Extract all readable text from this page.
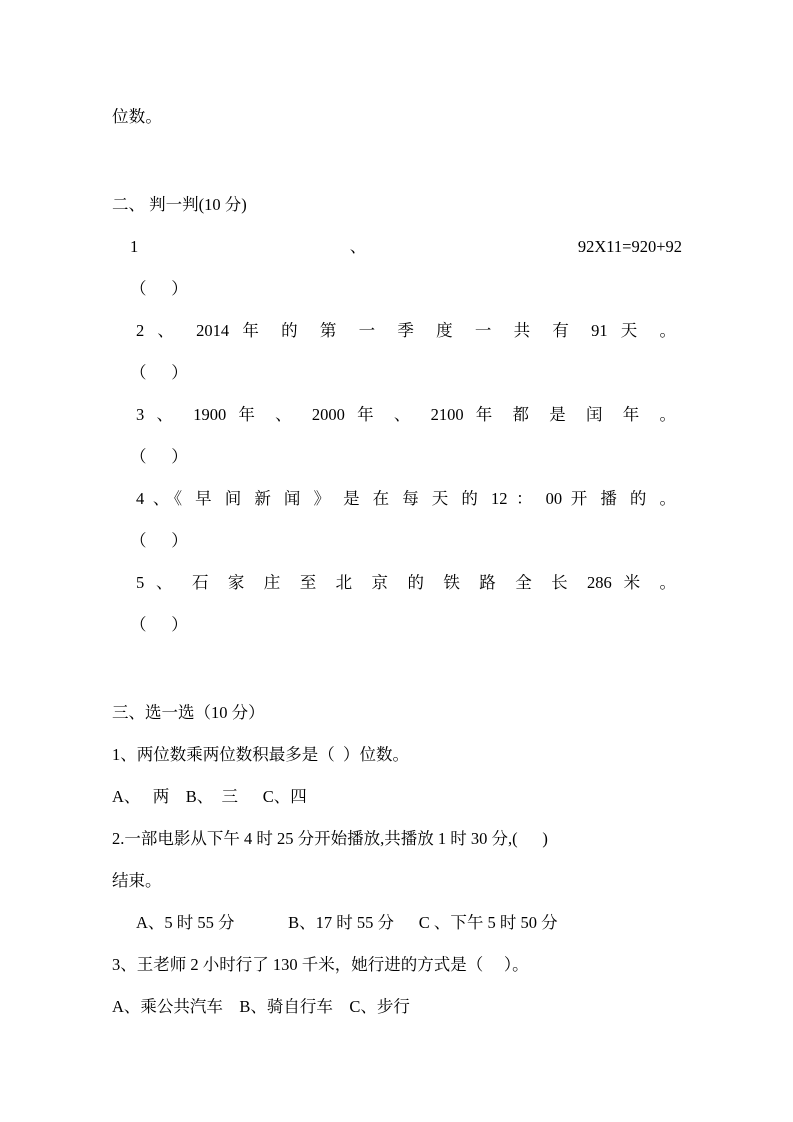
位数。
二、 判一判(10 分)
1	、	92X11=920+92
（      ）
2 、 2014 年 的 第 一 季 度 一 共 有 91 天 。
（      ）
3 、 1900 年 、 2000 年 、 2100 年 都 是 闰 年 。
（      ）
4 、《 早 间 新 闻 》 是 在 每 天 的 12 ： 00 开 播 的 。
（      ）
5 、 石 家 庄 至 北 京 的 铁 路 全 长 286 米 。
（      ）
三、选一选（10 分）
1、两位数乘两位数积最多是（  ）位数。
A、   两    B、  三      C、四
2.一部电影从下午 4 时 25 分开始播放,共播放 1 时 30 分,(      )
结束。
A、5 时 55 分             B、17 时 55 分      C 、下午 5 时 50 分
3、王老师 2 小时行了 130 千米，她行进的方式是（     ）。
A、乘公共汽车    B、骑自行车    C、步行
